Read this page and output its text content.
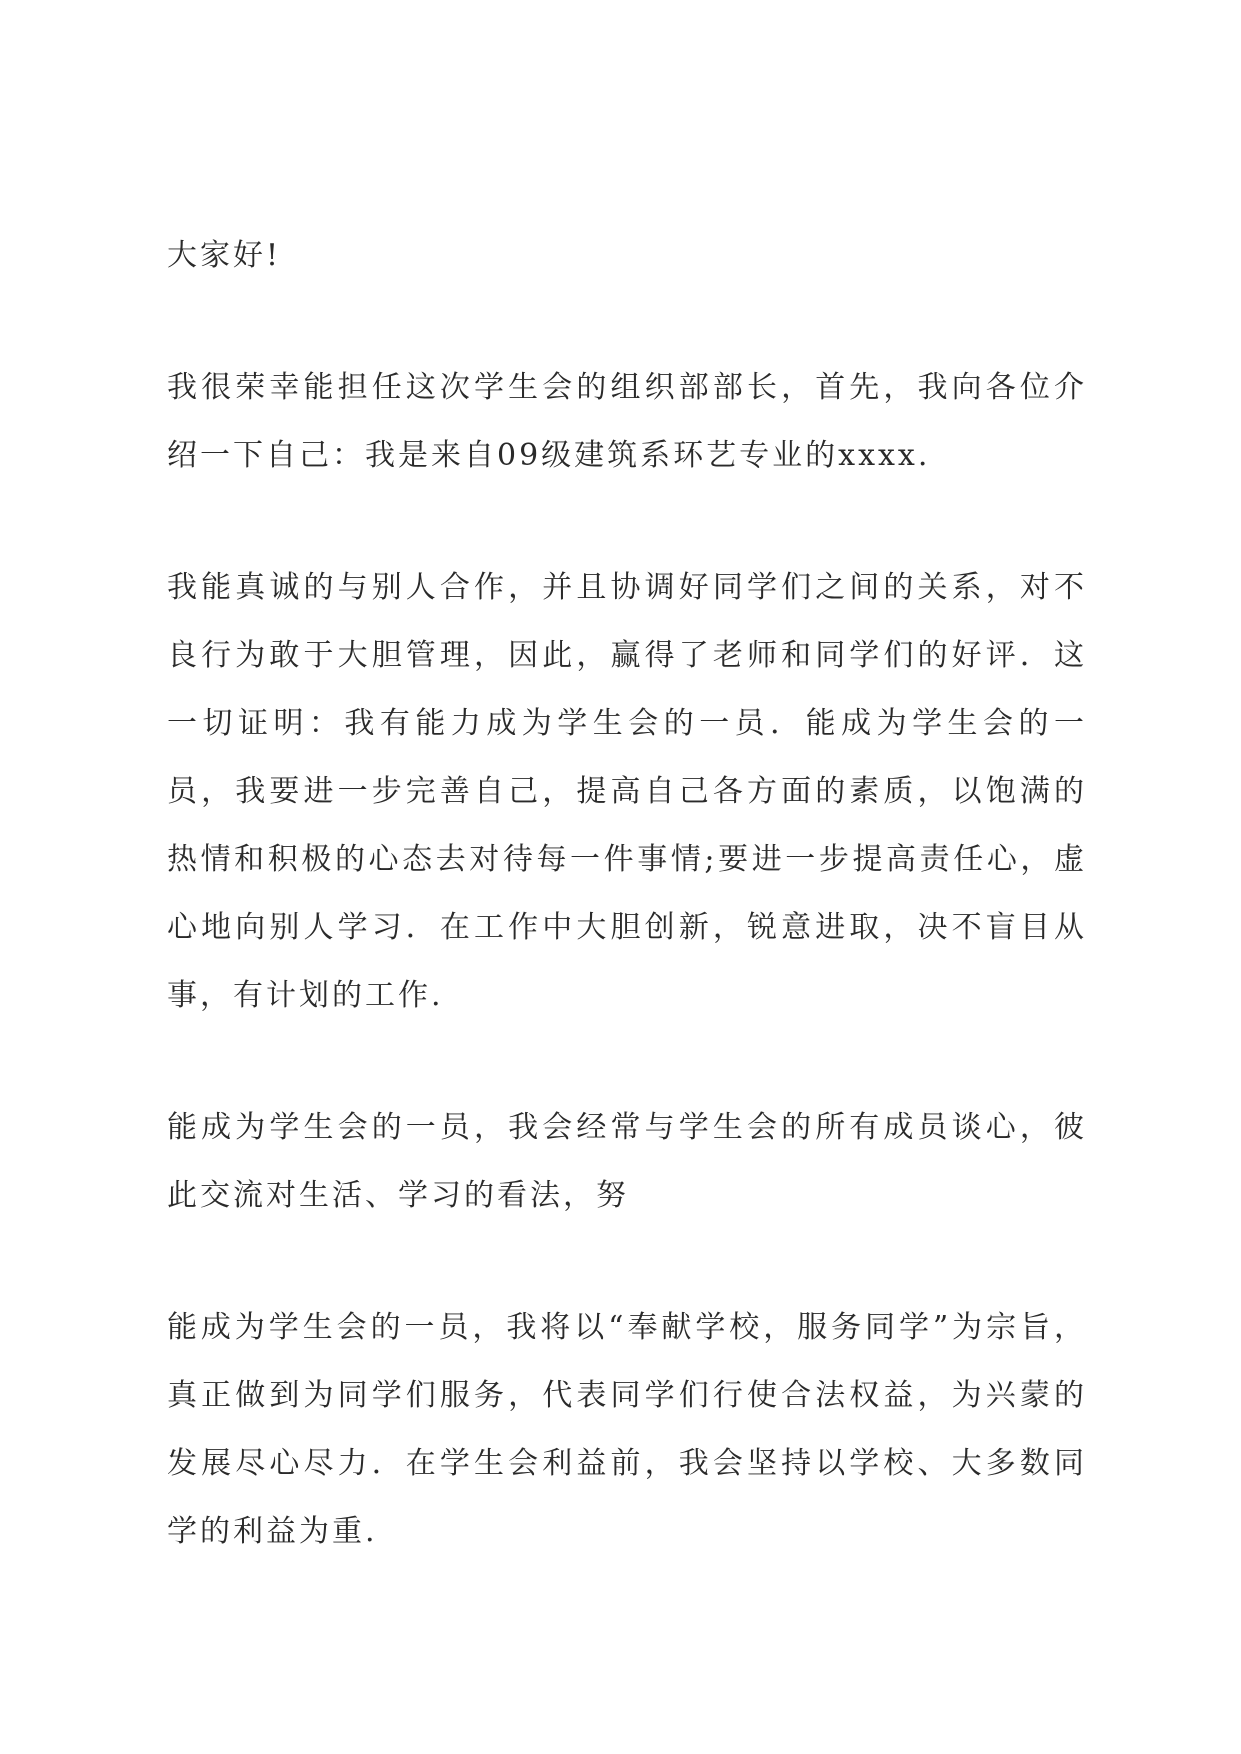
大家好!

我很荣幸能担任这次学生会的组织部部长，首先，我向各位介绍一下自己：我是来自09级建筑系环艺专业的xxxx.

我能真诚的与别人合作，并且协调好同学们之间的关系，对不良行为敢于大胆管理，因此，赢得了老师和同学们的好评．这一切证明：我有能力成为学生会的一员．能成为学生会的一员，我要进一步完善自己，提高自己各方面的素质，以饱满的热情和积极的心态去对待每一件事情;要进一步提高责任心，虚心地向别人学习．在工作中大胆创新，锐意进取，决不盲目从事，有计划的工作.

能成为学生会的一员，我会经常与学生会的所有成员谈心，彼此交流对生活、学习的看法，努

能成为学生会的一员，我将以“奉献学校，服务同学”为宗旨，真正做到为同学们服务，代表同学们行使合法权益，为兴蒙的发展尽心尽力．在学生会利益前，我会坚持以学校、大多数同学的利益为重.
